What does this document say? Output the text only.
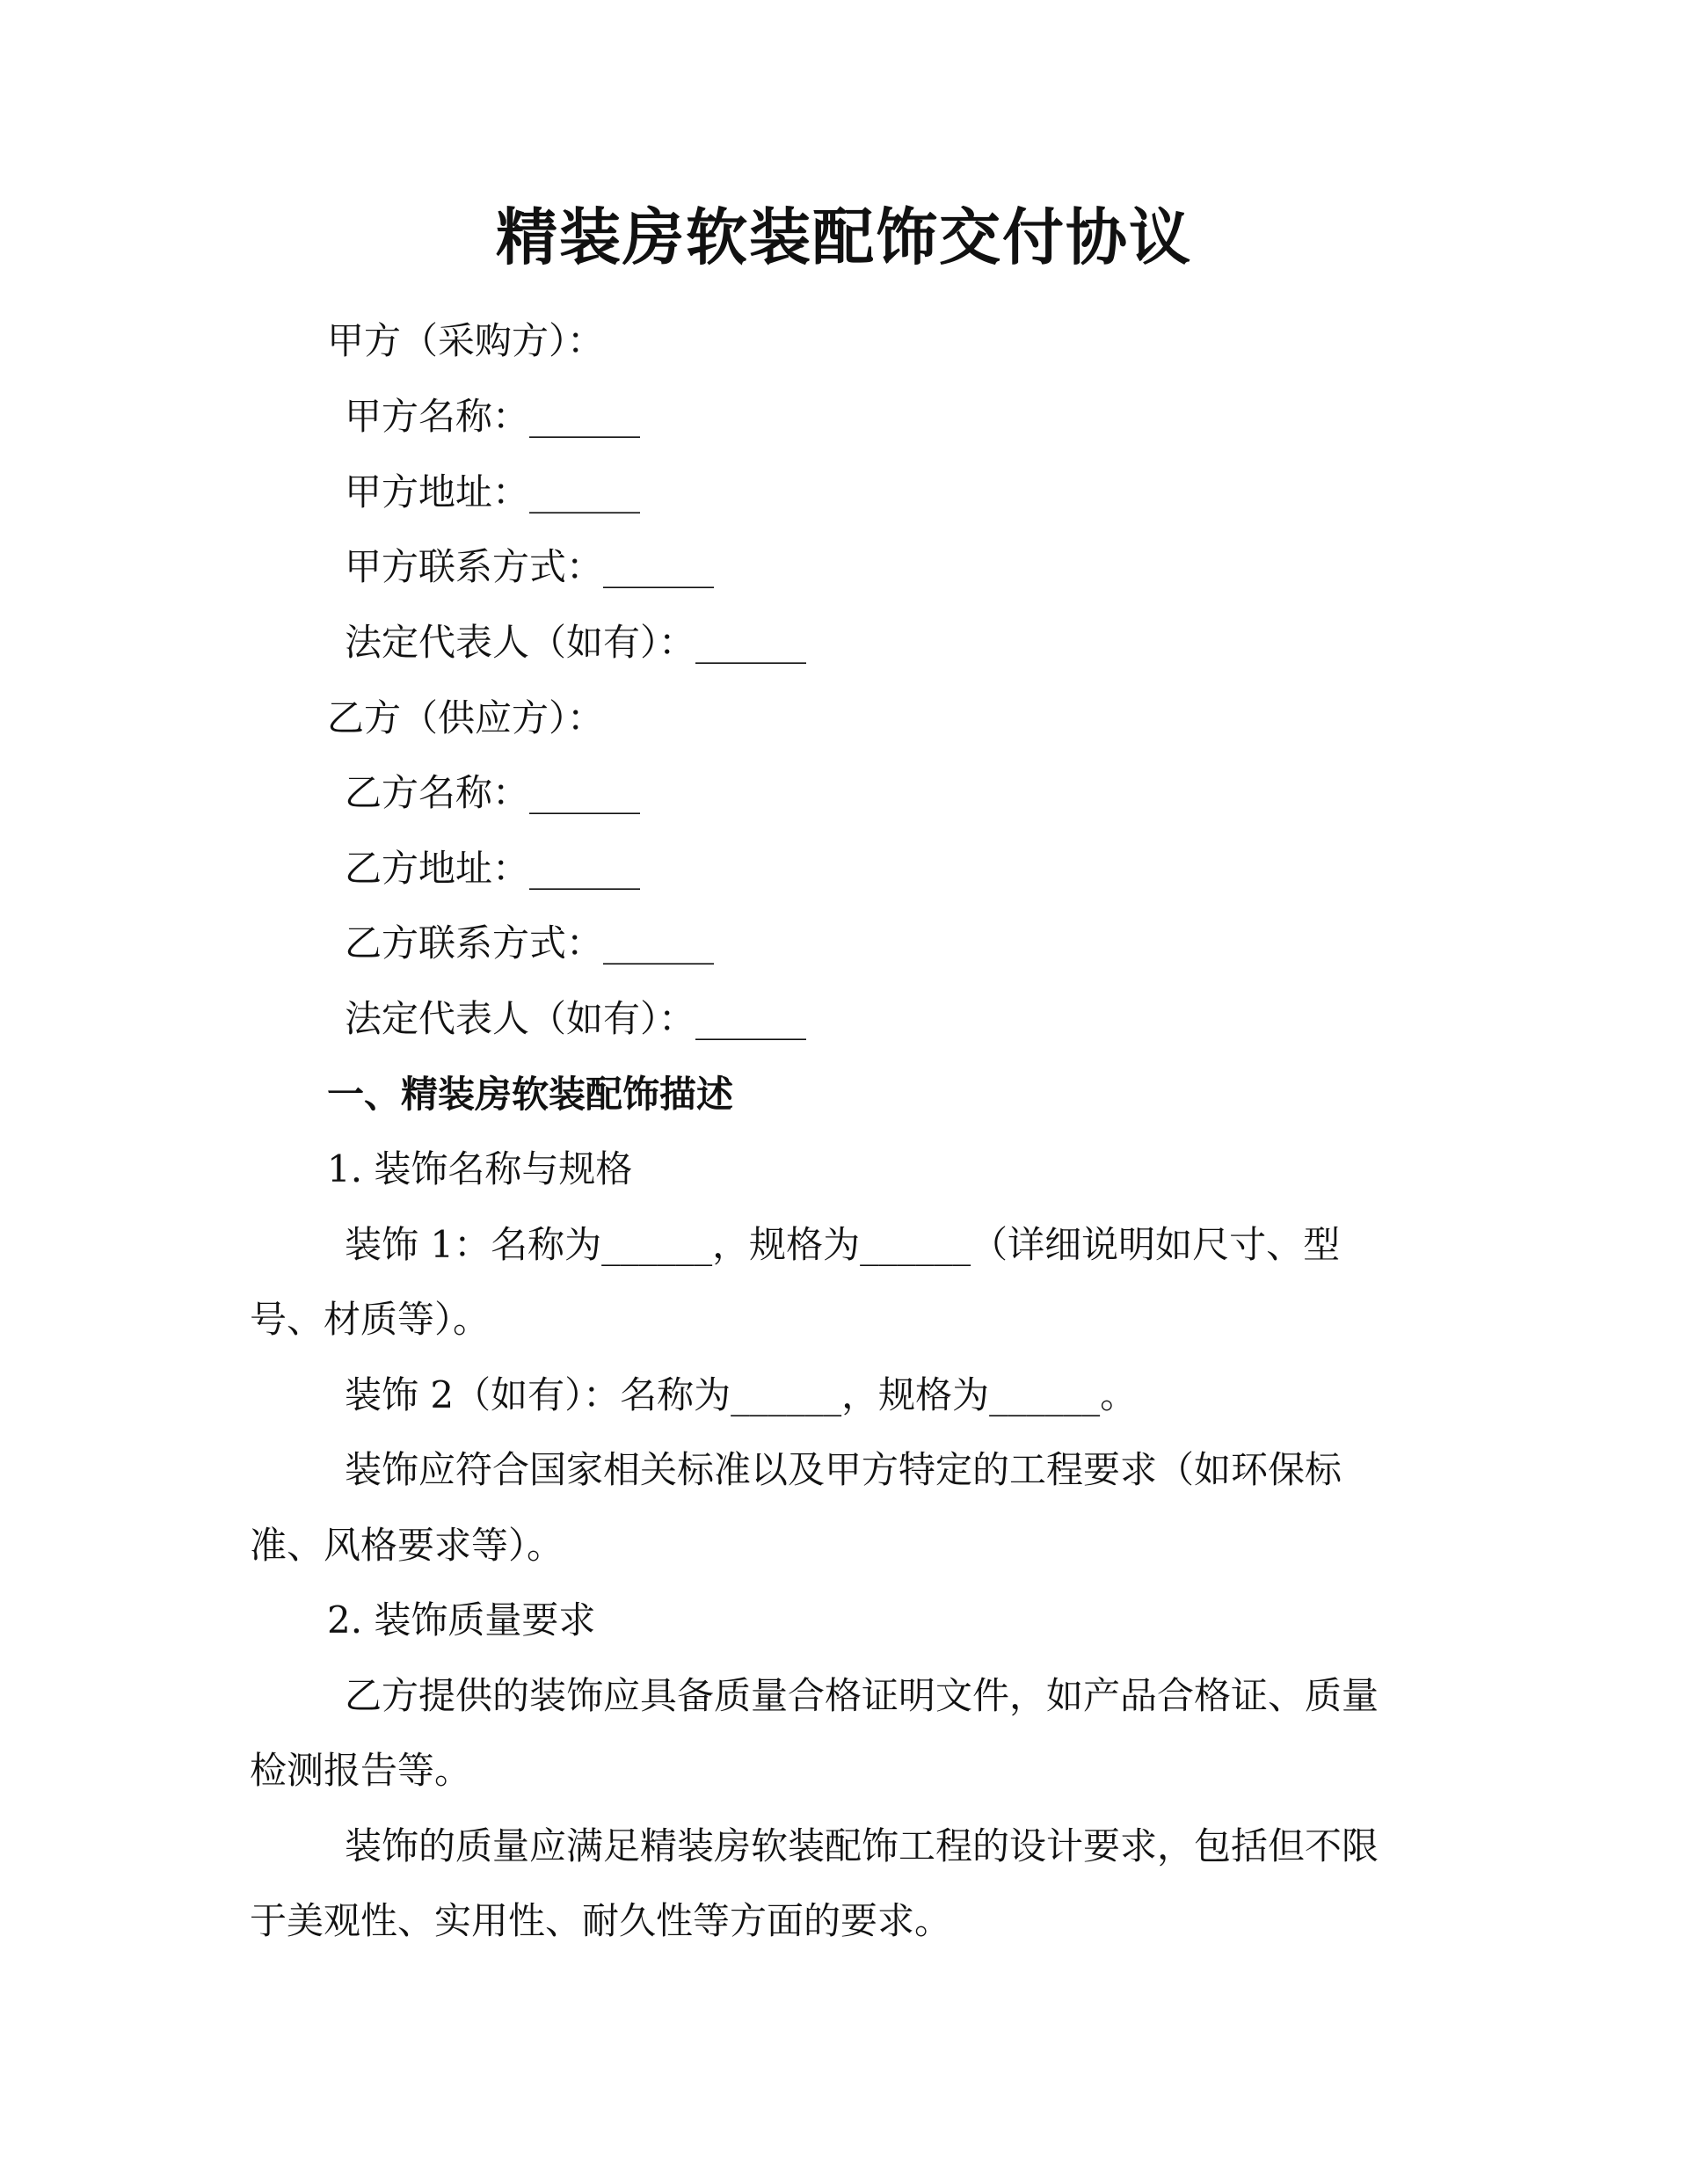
精装房软装配饰交付协议
甲方（采购方）：
甲方名称：______
甲方地址：______
甲方联系方式：______
法定代表人（如有）：______
乙方（供应方）：
乙方名称：______
乙方地址：______
乙方联系方式：______
法定代表人（如有）：______
一、精装房软装配饰描述
1. 装饰名称与规格
装饰 1：名称为______，规格为______（详细说明如尺寸、型
号、材质等）。
装饰 2（如有）：名称为______，规格为______。
装饰应符合国家相关标准以及甲方特定的工程要求（如环保标
准、风格要求等）。
2. 装饰质量要求
乙方提供的装饰应具备质量合格证明文件，如产品合格证、质量
检测报告等。
装饰的质量应满足精装房软装配饰工程的设计要求，包括但不限
于美观性、实用性、耐久性等方面的要求。
